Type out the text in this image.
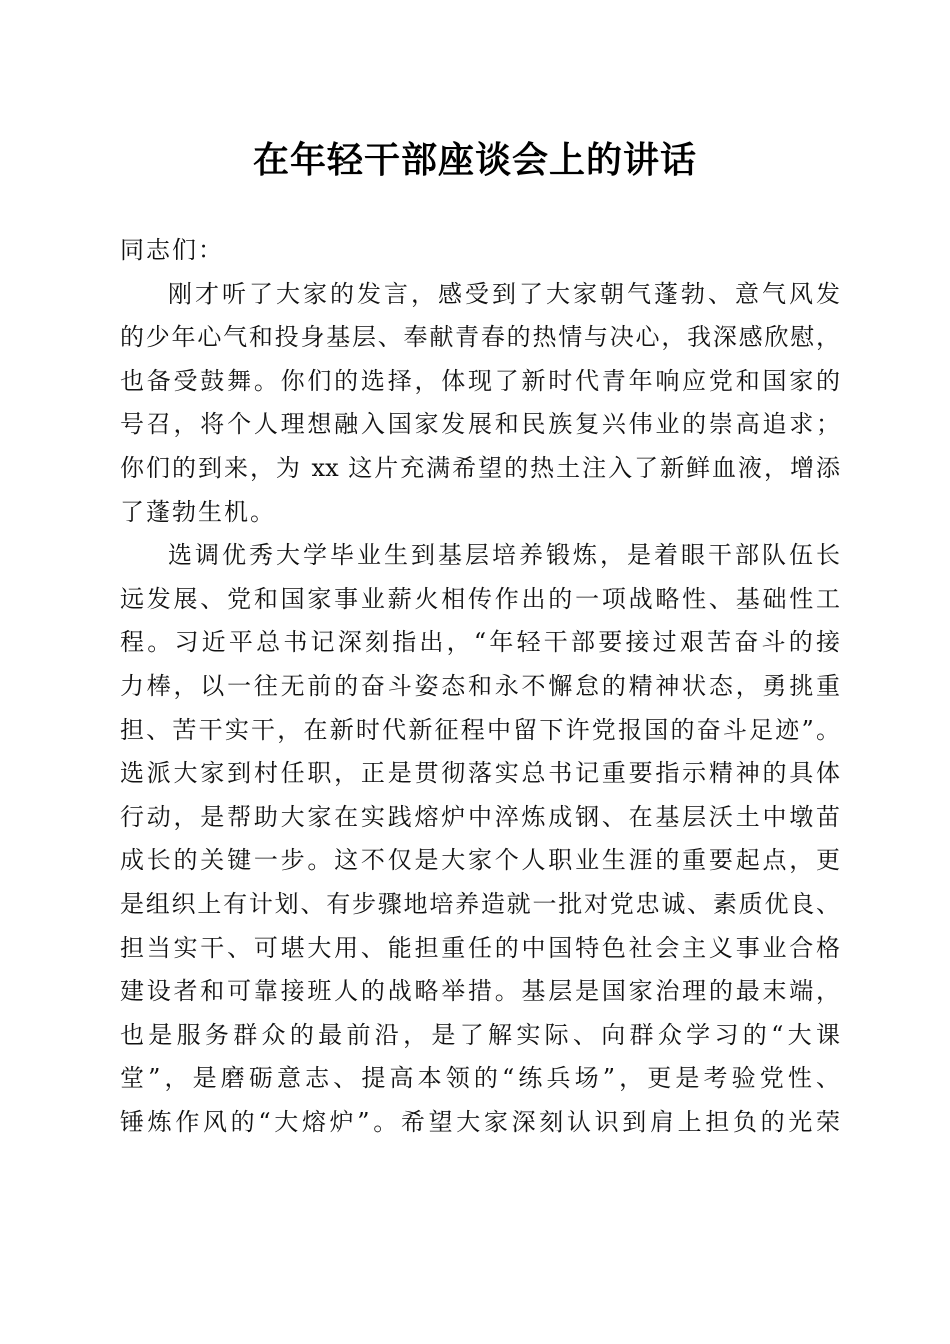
在年轻干部座谈会上的讲话
同志们：
刚才听了大家的发言，感受到了大家朝气蓬勃、意气风发
的少年心气和投身基层、奉献青春的热情与决心，我深感欣慰，
也备受鼓舞。你们的选择，体现了新时代青年响应党和国家的
号召，将个人理想融入国家发展和民族复兴伟业的崇高追求；
你们的到来，为 xx 这片充满希望的热土注入了新鲜血液，增添
了蓬勃生机。
选调优秀大学毕业生到基层培养锻炼，是着眼干部队伍长
远发展、党和国家事业薪火相传作出的一项战略性、基础性工
程。习近平总书记深刻指出，“年轻干部要接过艰苦奋斗的接
力棒，以一往无前的奋斗姿态和永不懈怠的精神状态，勇挑重
担、苦干实干，在新时代新征程中留下许党报国的奋斗足迹”。
选派大家到村任职，正是贯彻落实总书记重要指示精神的具体
行动，是帮助大家在实践熔炉中淬炼成钢、在基层沃土中墩苗
成长的关键一步。这不仅是大家个人职业生涯的重要起点，更
是组织上有计划、有步骤地培养造就一批对党忠诚、素质优良、
担当实干、可堪大用、能担重任的中国特色社会主义事业合格
建设者和可靠接班人的战略举措。基层是国家治理的最末端，
也是服务群众的最前沿，是了解实际、向群众学习的“大课
堂”，是磨砺意志、提高本领的“练兵场”，更是考验党性、
锤炼作风的“大熔炉”。希望大家深刻认识到肩上担负的光荣
